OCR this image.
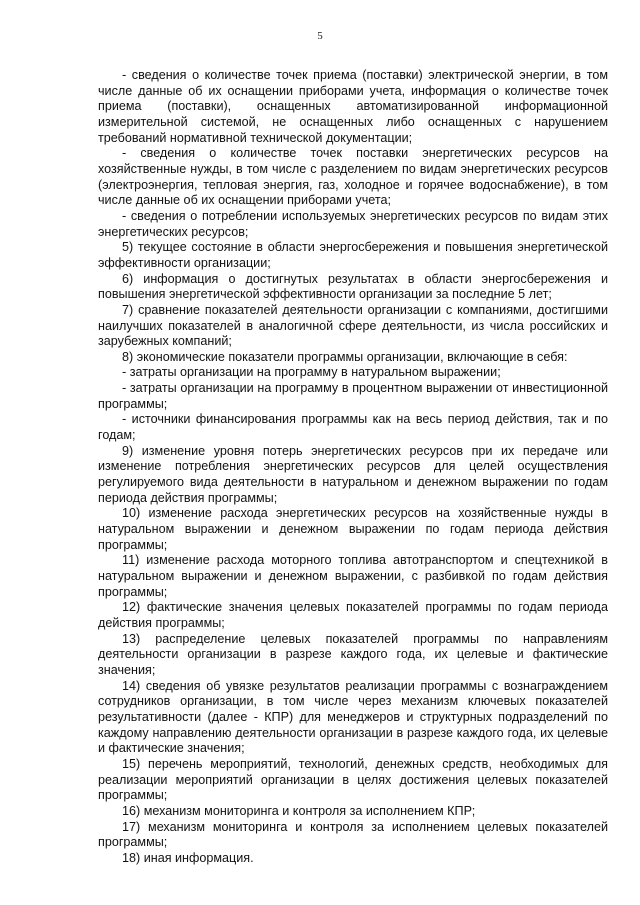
5

- сведения о количестве точек приема (поставки) электрической энергии, в том числе данные об их оснащении приборами учета, информация о количестве точек приема (поставки), оснащенных автоматизированной информационной измерительной системой, не оснащенных либо оснащенных с нарушением требований нормативной технической документации;

- сведения о количестве точек поставки энергетических ресурсов на хозяйственные нужды, в том числе с разделением по видам энергетических ресурсов (электроэнергия, тепловая энергия, газ, холодное и горячее водоснабжение), в том числе данные об их оснащении приборами учета;

- сведения о потреблении используемых энергетических ресурсов по видам этих энергетических ресурсов;

5) текущее состояние в области энергосбережения и повышения энергетической эффективности организации;

6) информация о достигнутых результатах в области энергосбережения и повышения энергетической эффективности организации за последние 5 лет;

7) сравнение показателей деятельности организации с компаниями, достигшими наилучших показателей в аналогичной сфере деятельности, из числа российских и зарубежных компаний;

8) экономические показатели программы организации, включающие в себя:

- затраты организации на программу в натуральном выражении;

- затраты организации на программу в процентном выражении от инвестиционной программы;

- источники финансирования программы как на весь период действия, так и по годам;

9) изменение уровня потерь энергетических ресурсов при их передаче или изменение потребления энергетических ресурсов для целей осуществления регулируемого вида деятельности в натуральном и денежном выражении по годам периода действия программы;

10) изменение расхода энергетических ресурсов на хозяйственные нужды в натуральном выражении и денежном выражении по годам периода действия программы;

11) изменение расхода моторного топлива автотранспортом и спецтехникой в натуральном выражении и денежном выражении, с разбивкой по годам действия программы;

12) фактические значения целевых показателей программы по годам периода действия программы;

13) распределение целевых показателей программы по направлениям деятельности организации в разрезе каждого года, их целевые и фактические значения;

14) сведения об увязке результатов реализации программы с вознаграждением сотрудников организации, в том числе через механизм ключевых показателей результативности (далее - КПР) для менеджеров и структурных подразделений по каждому направлению деятельности организации в разрезе каждого года, их целевые и фактические значения;

15) перечень мероприятий, технологий, денежных средств, необходимых для реализации мероприятий организации в целях достижения целевых показателей программы;

16) механизм мониторинга и контроля за исполнением КПР;

17) механизм мониторинга и контроля за исполнением целевых показателей программы;

18) иная информация.
